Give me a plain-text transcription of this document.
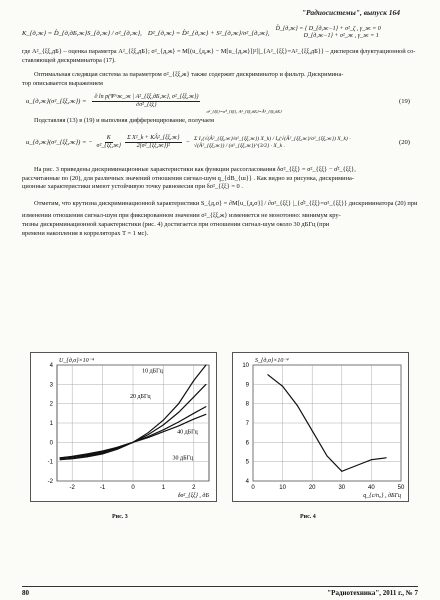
"Радиосистемы", выпуск 164
K_{д,ж} = D̂_{д,дБ,ж}S_{д,ж} / σ²_{д,ж}, D²_{д,ж} = D̂²_{д,ж} + S²_{д,ж}/σ²_{д,ж},
D̂_{д,ж} = { D_{д,ж−1} + σ²_ζ , γ_ж = 0
D_{д,ж−1} + σ²_ж , γ_ж = 1

где A²_{ξξ,дБ} – оценка параметра A²_{ξξ,дБ}; σ²_{д,ж} = M[(u_{д,ж} − M[u_{д,ж}])²]|_{A²_{ξξ}=A²_{ξξ,дБ}} – дисперсия флуктуационной со-

ставляющей дискриминатора (17).

Оптимальная следящая система за параметром σ²_{ξξ,ж} также содержит дискриминатор и фильтр. Дискримина-

тор описывается выражением

u_{д,ж}(σ²_{ξξ,ж}) = $\frac{\text{∂ ln p(Ψ\textasciicircum{}ж\_ж | A²\_\{ξξ,дБ,ж\}, σ²\_\{ξξ,ж\})}}{\text{∂σ²\_\{ξξ\}}}$
σ²_{ξξ}=σ̂²_{ξξ}, A²_{ξξ,дБ}=Â²_{ξξ,дБ}
(19)

Подставляя (13) в (19) и выполняя дифференцирование, получаем

u_{д,ж}(σ²_{ξξ,ж}) = − $\frac{K}{\text{σ²\_\{ξξ,ж\}}} \frac{\text{Σ X²\_k + KÂ²\_\{ξξ,ж\}}}{\text{2(σ²\_\{ξξ,ж\})²}}$ −
Σ I₁(√(Â²_{ξξ,ж}/σ²_{ξξ,ж}) X_k) / I₀(√(Â²_{ξξ,ж}/σ²_{ξξ,ж}) X_k) · √(Â²_{ξξ,ж}) / (σ²_{ξξ,ж})^{3/2} · X_k .	(20)

На рис. 3 приведены дискриминационные характеристики как функции рассогласования δσ²_{ξξ} = σ²_{ξξ} − σ̂²_{ξξ},

рассчитанные по (20), для различных значений отношения сигнал-шум q_{dB_{ш}} . Как видно из рисунка, дискримина-

ционные характеристики имеют устойчивую точку равновесия при δσ²_{ξξ} = 0 .

Отметим, что крутизна дискриминационной характеристики S_{д,σ} = ∂M[u_{д,σ}] / ∂σ²_{ξξ} |_{σ̂²_{ξξ}=σ²_{ξξ}} дискриминатора (20) при

изменении отношения сигнал-шум при фиксированном значении σ²_{ξξ,ж} изменяется не монотонно: минимум кру-

тизны дискриминационной характеристики (рис. 4) достигается при отношении сигнал-шум около 30 дБГц (при

времени накопления в корреляторах T = 1 мс).

-2	-1	0	1	2
-2
-1
0
1
2
3
4
U_{д,σ}×10⁻⁴
δσ²_{ξξ} , дБ
10 дБГц
20 дБГц
40 дБГц
30 дБГц
Рис. 3
0	10	20	30	40	50
4
5
6
7
8
9
10
S_{д,σ}×10⁻⁴
q_{c/n₀} , дБГц
Рис. 4
80	"Радиотехника", 2011 г., № 7
